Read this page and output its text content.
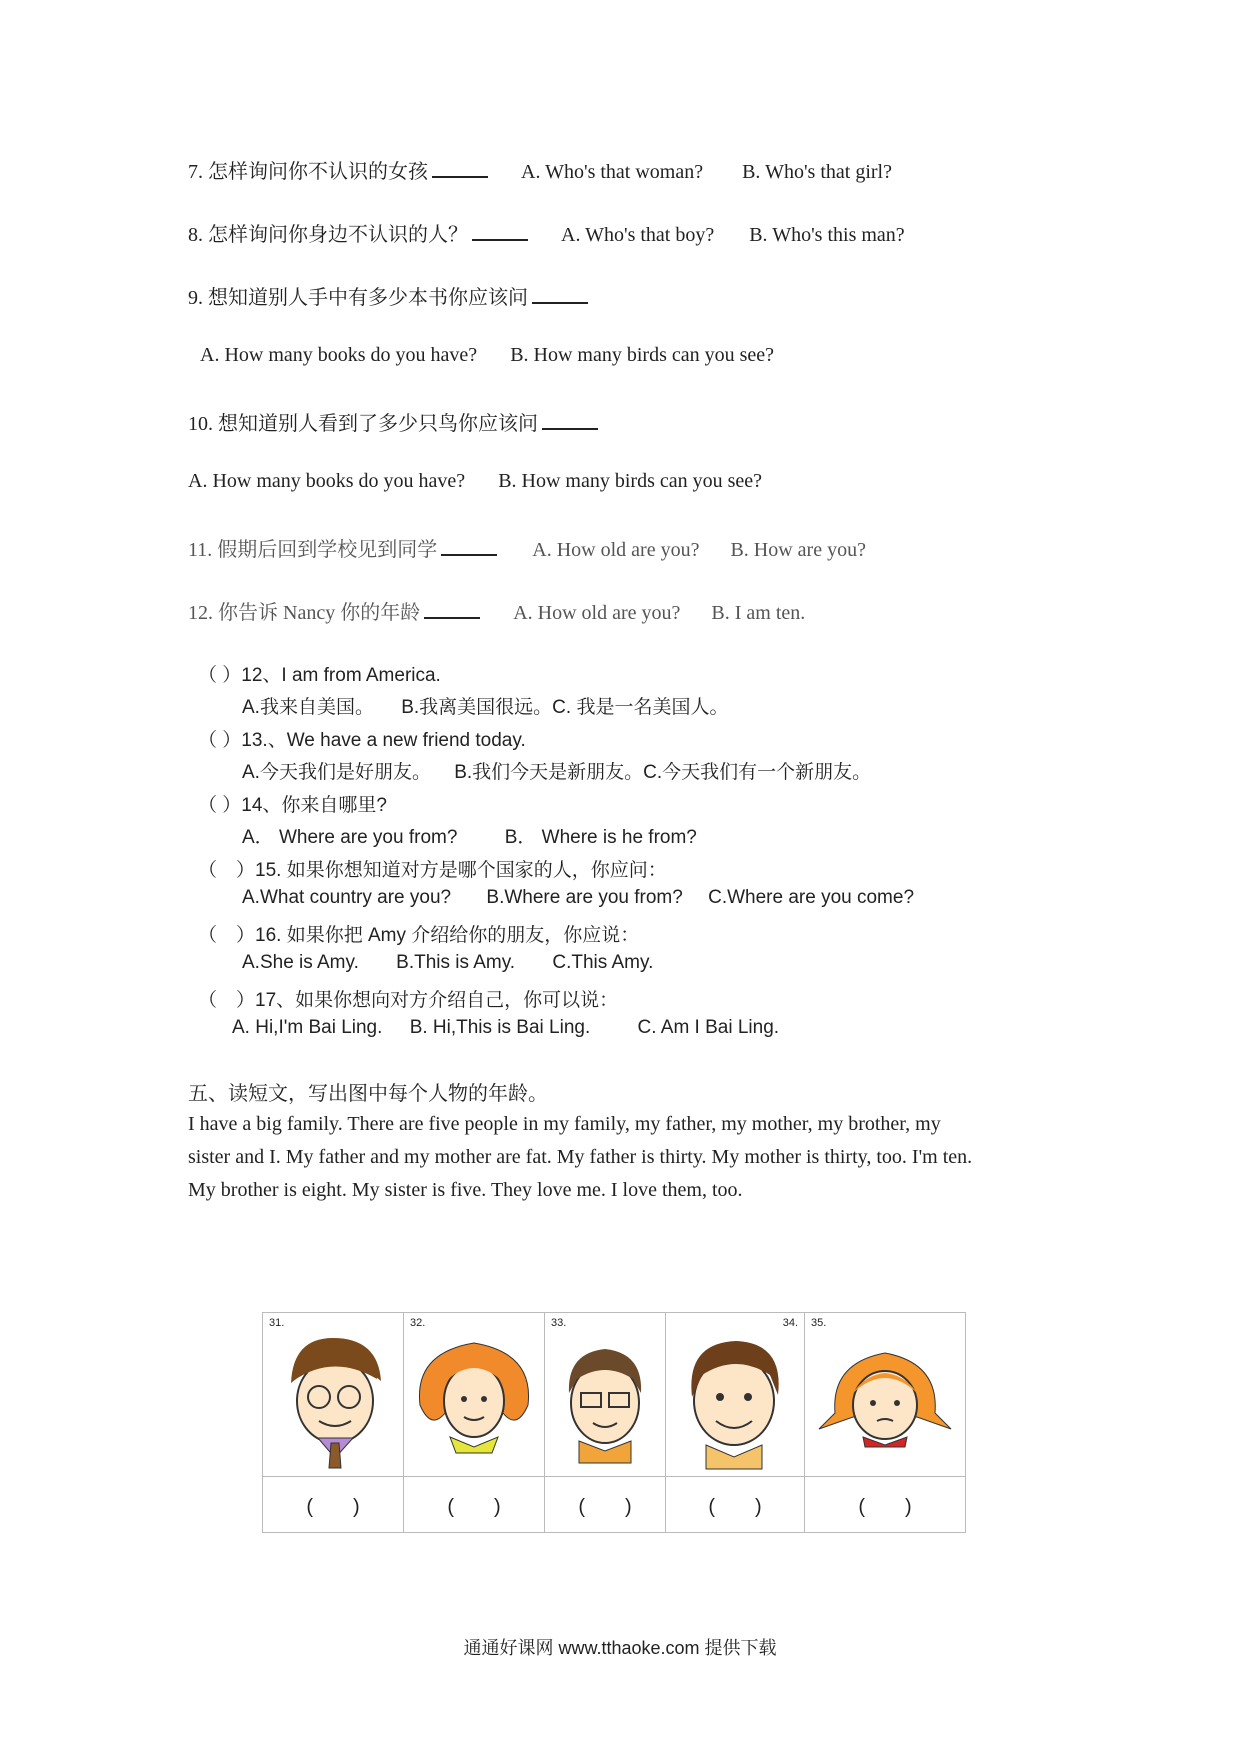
7. 怎样询问你不认识的女孩	A. Who's that woman? B. Who's that girl?
8. 怎样询问你身边不认识的人？	A. Who's that boy? B. Who's this man?
9. 想知道别人手中有多少本书你应该问
A. How many books do you have? B. How many birds can you see?
10. 想知道别人看到了多少只鸟你应该问
A. How many books do you have? B. How many birds can you see?
11. 假期后回到学校见到同学	A. How old are you? B. How are you?
12. 你告诉 Nancy 你的年龄	A. How old are you? B. I am ten.
（ ）12、I am from America.
A.我来自美国。 B.我离美国很远。C. 我是一名美国人。
（ ）13.、We have a new friend today.
A.今天我们是好朋友。 B.我们今天是新朋友。C.今天我们有一个新朋友。
（ ）14、你来自哪里?
A． Where are you from? B． Where is he from?
（　）15. 如果你想知道对方是哪个国家的人，你应问：
A.What country are you? B.Where are you from? C.Where are you come?
（　）16. 如果你把 Amy 介绍给你的朋友，你应说：
A.She is Amy. B.This is Amy. C.This Amy.
（　）17、如果你想向对方介绍自己，你可以说：
A. Hi,I'm Bai Ling. B. Hi,This is Bai Ling. C. Am I Bai Ling.
五、读短文，写出图中每个人物的年龄。
I have a big family. There are five people in my family, my father, my mother, my brother, my
sister and I. My father and my mother are fat. My father is thirty. My mother is thirty, too. I'm ten.
My brother is eight. My sister is five. They love me. I love them, too.
31.	32.	33.	34.	35.

(　　)	(　　)	(　　)	(　　)	(　　)
通通好课网 www.tthaoke.com 提供下载
